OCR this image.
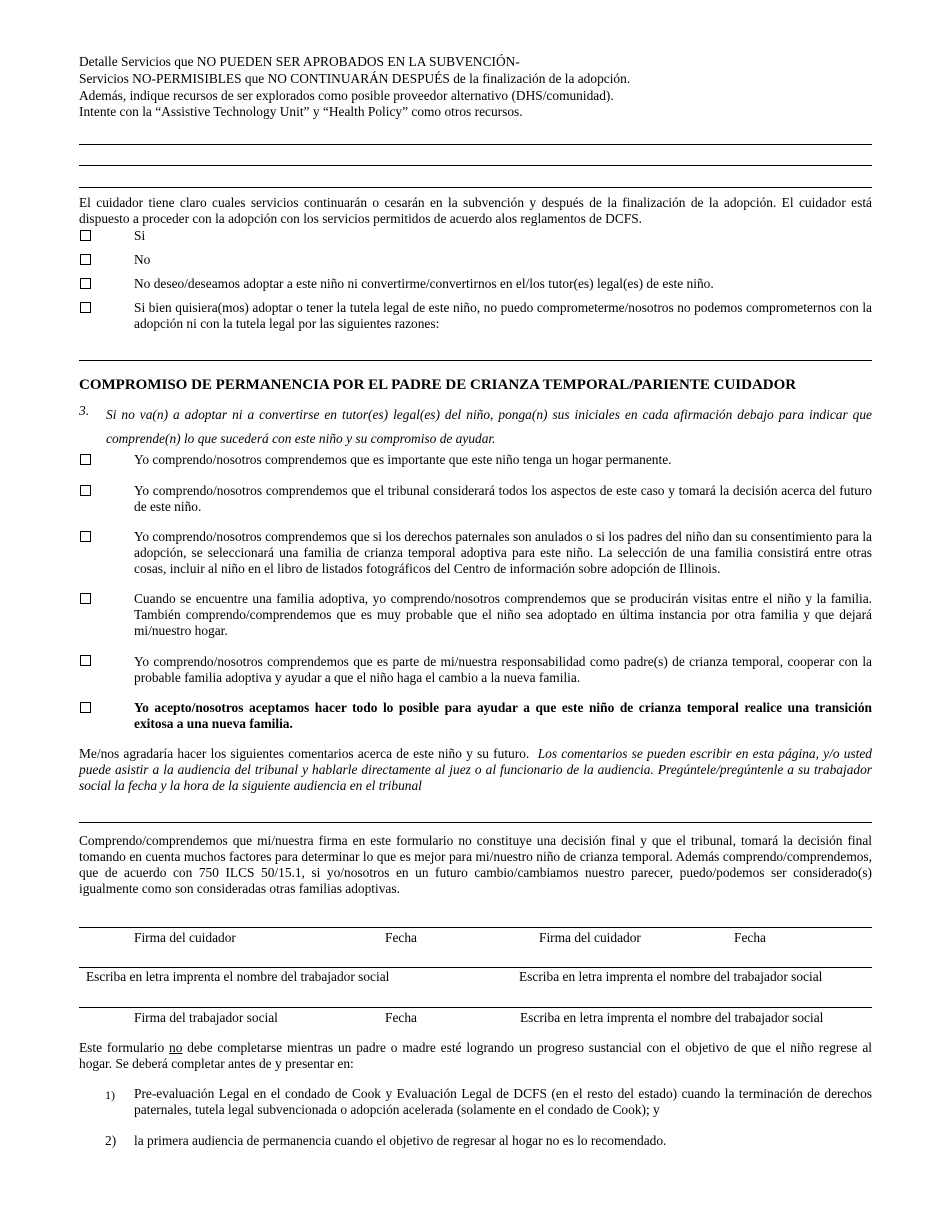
Detalle Servicios que NO PUEDEN SER APROBADOS EN LA SUBVENCIÓN-
Servicios NO-PERMISIBLES que NO CONTINUARÁN DESPUÉS de la finalización de la adopción.
Además, indique recursos de ser explorados como posible proveedor alternativo (DHS/comunidad).
Intente con la “Assistive Technology Unit” y “Health Policy” como otros recursos.
El cuidador tiene claro cuales servicios continuarán o cesarán en la subvención y después de la finalización de la adopción. El cuidador está dispuesto a proceder con la adopción con los servicios permitidos de acuerdo alos reglamentos de DCFS.
Si
No
No deseo/deseamos adoptar a este niño ni convertirme/convertirnos en el/los tutor(es) legal(es) de este niño.
Si bien quisiera(mos) adoptar o tener la tutela legal de este niño, no puedo comprometerme/nosotros no podemos comprometernos con la adopción ni con la tutela legal por las siguientes razones:
COMPROMISO DE PERMANENCIA POR EL PADRE DE CRIANZA TEMPORAL/PARIENTE CUIDADOR
3. Si no va(n) a adoptar ni a convertirse en tutor(es) legal(es) del niño, ponga(n) sus iniciales en cada afirmación debajo para indicar que comprende(n) lo que sucederá con este niño y su compromiso de ayudar.
Yo comprendo/nosotros comprendemos que es importante que este niño tenga un hogar permanente.
Yo comprendo/nosotros comprendemos que el tribunal considerará todos los aspectos de este caso y tomará la decisión acerca del futuro de este niño.
Yo comprendo/nosotros comprendemos que si los derechos paternales son anulados o si los padres del niño dan su consentimiento para la adopción, se seleccionará una familia de crianza temporal adoptiva para este niño. La selección de una familia consistirá entre otras cosas, incluir al niño en el libro de listados fotográficos del Centro de información sobre adopción de Illinois.
Cuando se encuentre una familia adoptiva, yo comprendo/nosotros comprendemos que se producirán visitas entre el niño y la familia. También comprendo/comprendemos que es muy probable que el niño sea adoptado en última instancia por otra familia y que dejará mi/nuestro hogar.
Yo comprendo/nosotros comprendemos que es parte de mi/nuestra responsabilidad como padre(s) de crianza temporal, cooperar con la probable familia adoptiva y ayudar a que el niño haga el cambio a la nueva familia.
Yo acepto/nosotros aceptamos hacer todo lo posible para ayudar a que este niño de crianza temporal realice una transición exitosa a una nueva familia.
Me/nos agradaría hacer los siguientes comentarios acerca de este niño y su futuro. Los comentarios se pueden escribir en esta página, y/o usted puede asistir a la audiencia del tribunal y hablarle directamente al juez o al funcionario de la audiencia. Pregúntele/pregúntenle a su trabajador social la fecha y la hora de la siguiente audiencia en el tribunal
Comprendo/comprendemos que mi/nuestra firma en este formulario no constituye una decisión final y que el tribunal, tomará la decisión final tomando en cuenta muchos factores para determinar lo que es mejor para mi/nuestro niño de crianza temporal. Además comprendo/comprendemos, que de acuerdo con 750 ILCS 50/15.1, si yo/nosotros en un futuro cambio/cambiamos nuestro parecer, puedo/podemos ser considerado(s) igualmente como son consideradas otras familias adoptivas.
Firma del cuidador	Fecha	Firma del cuidador	Fecha
Escriba en letra imprenta el nombre del trabajador social	Escriba en letra imprenta el nombre del trabajador social
Firma del trabajador social	Fecha	Escriba en letra imprenta el nombre del trabajador social
Este formulario no debe completarse mientras un padre o madre esté logrando un progreso sustancial con el objetivo de que el niño regrese al hogar. Se deberá completar antes de y presentar en:
1) Pre-evaluación Legal en el condado de Cook y Evaluación Legal de DCFS (en el resto del estado) cuando la terminación de derechos paternales, tutela legal subvencionada o adopción acelerada (solamente en el condado de Cook); y
2) la primera audiencia de permanencia cuando el objetivo de regresar al hogar no es lo recomendado.
